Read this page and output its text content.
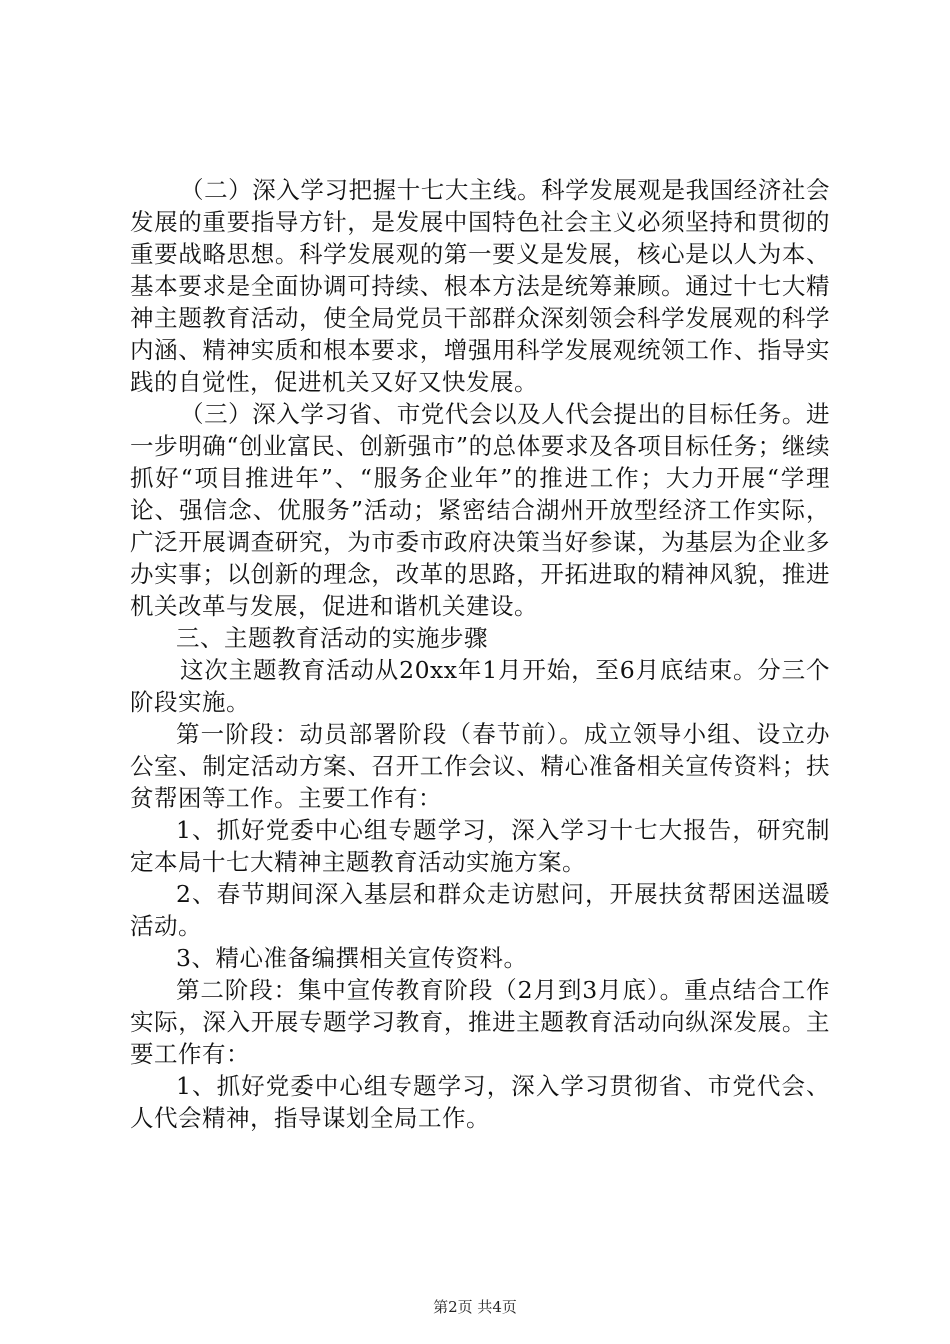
（二）深入学习把握十七大主线。科学发展观是我国经济社会发展的重要指导方针，是发展中国特色社会主义必须坚持和贯彻的重要战略思想。科学发展观的第一要义是发展，核心是以人为本、基本要求是全面协调可持续、根本方法是统筹兼顾。通过十七大精神主题教育活动，使全局党员干部群众深刻领会科学发展观的科学内涵、精神实质和根本要求，增强用科学发展观统领工作、指导实践的自觉性，促进机关又好又快发展。

（三）深入学习省、市党代会以及人代会提出的目标任务。进一步明确“创业富民、创新强市”的总体要求及各项目标任务；继续抓好“项目推进年”、“服务企业年”的推进工作；大力开展“学理论、强信念、优服务”活动；紧密结合湖州开放型经济工作实际，广泛开展调查研究，为市委市政府决策当好参谋，为基层为企业多办实事；以创新的理念，改革的思路，开拓进取的精神风貌，推进机关改革与发展，促进和谐机关建设。

三、主题教育活动的实施步骤

这次主题教育活动从20xx年1月开始，至6月底结束。分三个阶段实施。

第一阶段：动员部署阶段（春节前）。成立领导小组、设立办公室、制定活动方案、召开工作会议、精心准备相关宣传资料；扶贫帮困等工作。主要工作有：

1、抓好党委中心组专题学习，深入学习十七大报告，研究制定本局十七大精神主题教育活动实施方案。

2、春节期间深入基层和群众走访慰问，开展扶贫帮困送温暖活动。

3、精心准备编撰相关宣传资料。

第二阶段：集中宣传教育阶段（2月到3月底）。重点结合工作实际，深入开展专题学习教育，推进主题教育活动向纵深发展。主要工作有：

1、抓好党委中心组专题学习，深入学习贯彻省、市党代会、人代会精神，指导谋划全局工作。

第2页 共4页
